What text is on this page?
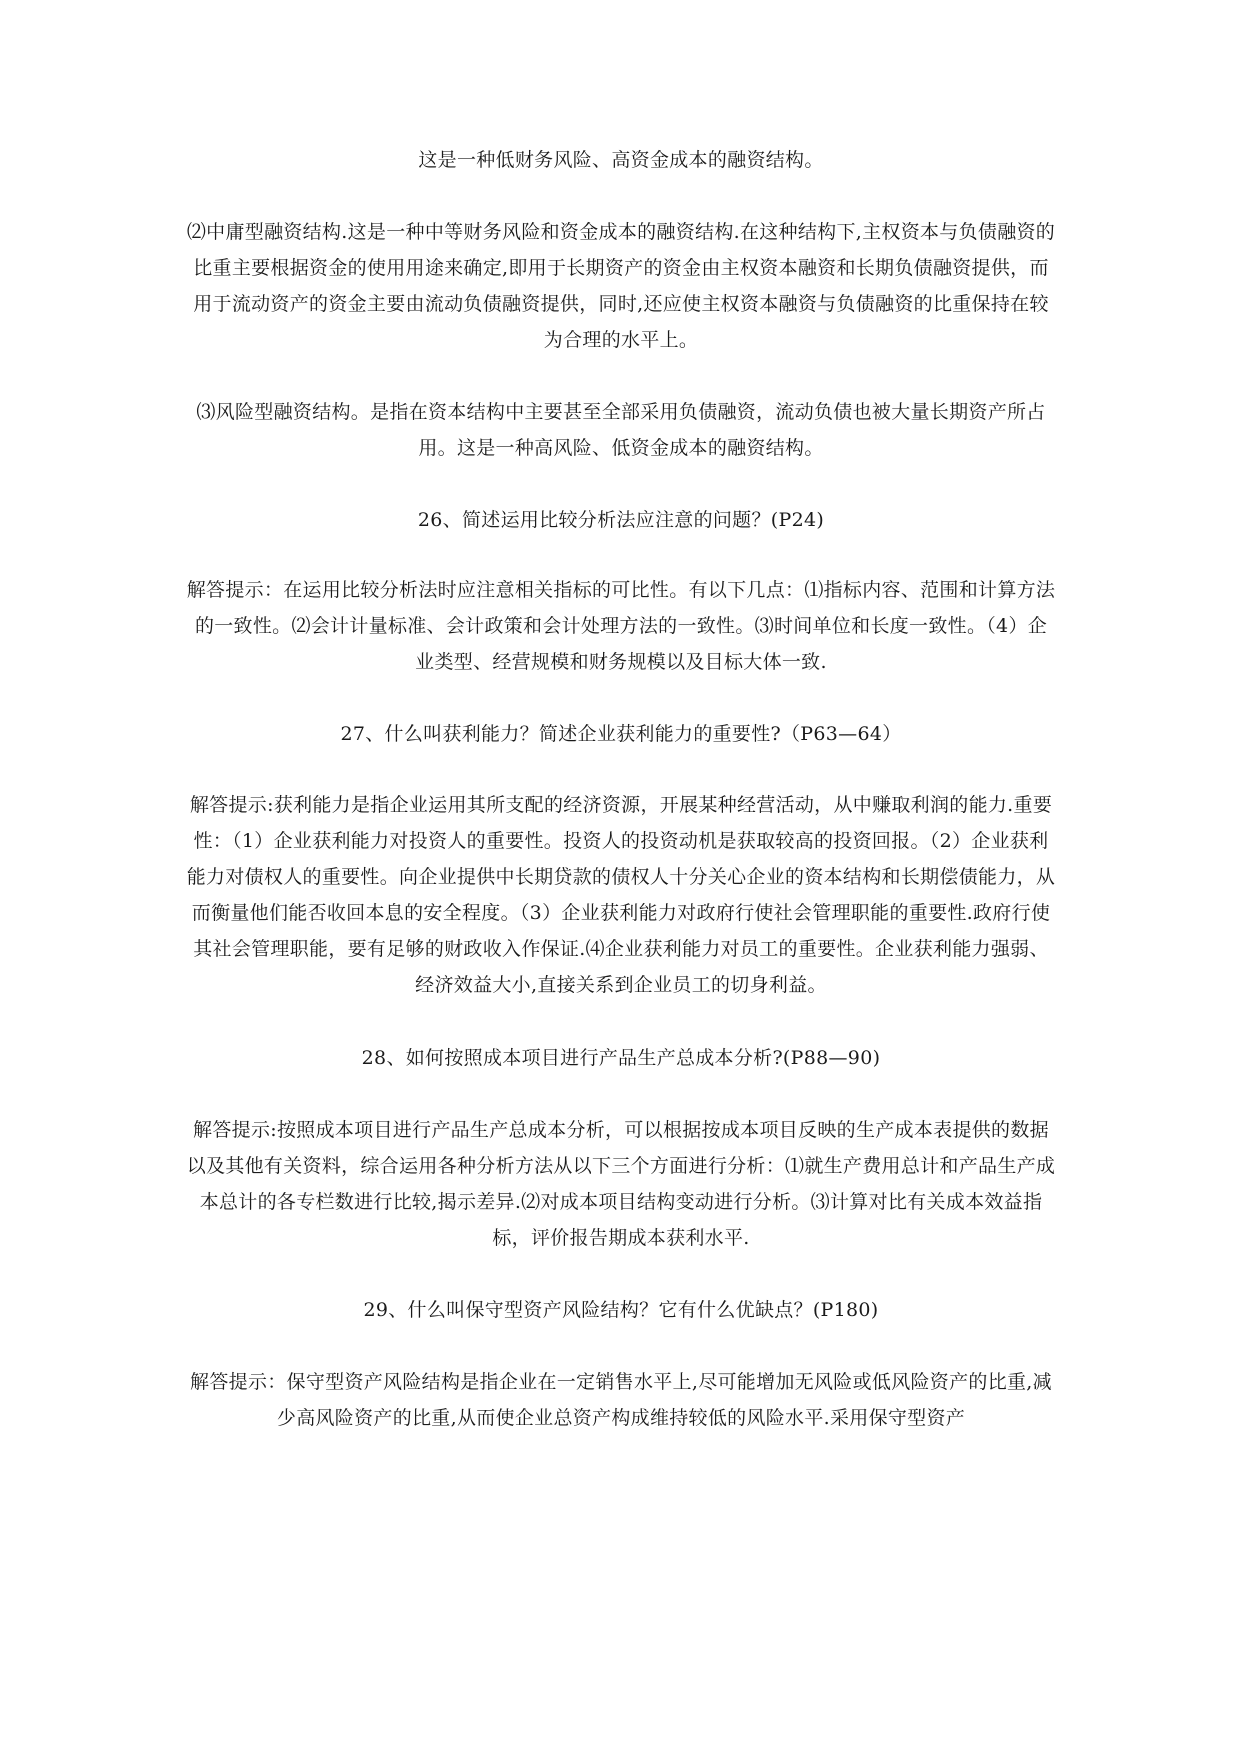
这是一种低财务风险、高资金成本的融资结构。
⑵中庸型融资结构.这是一种中等财务风险和资金成本的融资结构.在这种结构下,主权资本与负债融资的比重主要根据资金的使用用途来确定,即用于长期资产的资金由主权资本融资和长期负债融资提供，而用于流动资产的资金主要由流动负债融资提供，同时,还应使主权资本融资与负债融资的比重保持在较为合理的水平上。
⑶风险型融资结构。是指在资本结构中主要甚至全部采用负债融资，流动负债也被大量长期资产所占用。这是一种高风险、低资金成本的融资结构。
26、简述运用比较分析法应注意的问题？(P24)
解答提示：在运用比较分析法时应注意相关指标的可比性。有以下几点：⑴指标内容、范围和计算方法的一致性。⑵会计计量标准、会计政策和会计处理方法的一致性。⑶时间单位和长度一致性。（4）企业类型、经营规模和财务规模以及目标大体一致.
27、什么叫获利能力？简述企业获利能力的重要性?（P63—64）
解答提示:获利能力是指企业运用其所支配的经济资源，开展某种经营活动，从中赚取利润的能力.重要性：（1）企业获利能力对投资人的重要性。投资人的投资动机是获取较高的投资回报。（2）企业获利能力对债权人的重要性。向企业提供中长期贷款的债权人十分关心企业的资本结构和长期偿债能力，从而衡量他们能否收回本息的安全程度。（3）企业获利能力对政府行使社会管理职能的重要性.政府行使其社会管理职能，要有足够的财政收入作保证.⑷企业获利能力对员工的重要性。企业获利能力强弱、经济效益大小,直接关系到企业员工的切身利益。
28、如何按照成本项目进行产品生产总成本分析?(P88—90)
解答提示:按照成本项目进行产品生产总成本分析，可以根据按成本项目反映的生产成本表提供的数据以及其他有关资料，综合运用各种分析方法从以下三个方面进行分析：⑴就生产费用总计和产品生产成本总计的各专栏数进行比较,揭示差异.⑵对成本项目结构变动进行分析。⑶计算对比有关成本效益指标，评价报告期成本获利水平.
29、什么叫保守型资产风险结构？它有什么优缺点？(P180)
解答提示：保守型资产风险结构是指企业在一定销售水平上,尽可能增加无风险或低风险资产的比重,减少高风险资产的比重,从而使企业总资产构成维持较低的风险水平.采用保守型资产
